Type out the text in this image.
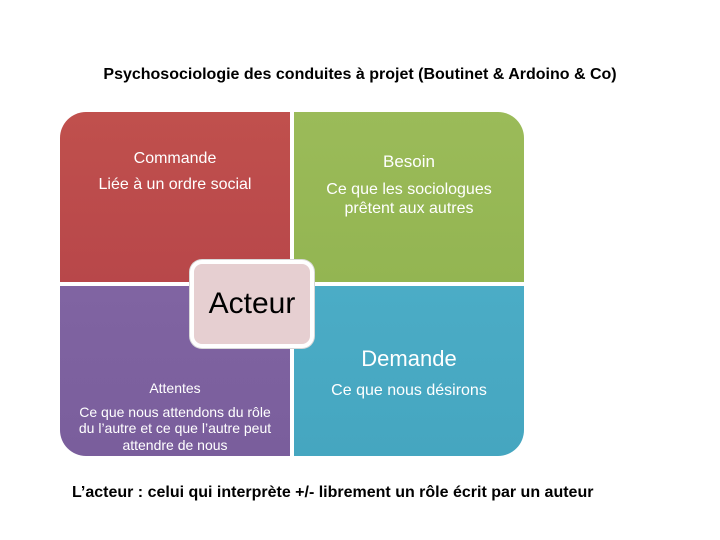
Psychosociologie des conduites à projet (Boutinet & Ardoino & Co)
Commande
Liée à un ordre social
Besoin
Ce que les sociologues prêtent aux autres
Attentes
Ce que nous attendons du rôle du l’autre et ce que l’autre peut attendre de nous
Demande
Ce que nous désirons
Acteur
L’acteur : celui qui interprète +/- librement un rôle écrit par un auteur
